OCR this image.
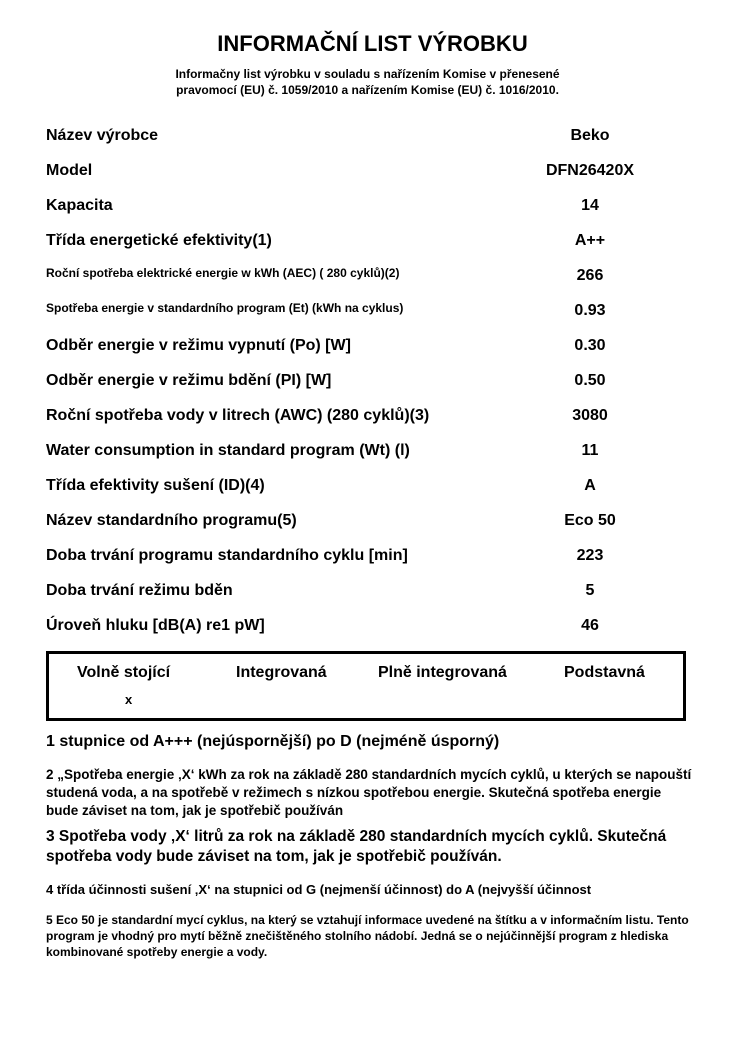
INFORMAČNÍ LIST VÝROBKU
Informačny list výrobku v souladu s nařízením Komise v přenesené
pravomocí (EU) č. 1059/2010 a nařízením Komise (EU) č. 1016/2010.
Název výrobce	Beko
Model	DFN26420X
Kapacita	14
Třída energetické efektivity(1)	A++
Roční spotřeba elektrické energie w kWh (AEC) ( 280 cyklů)(2)	266
Spotřeba energie v standardního program (Et) (kWh na cyklus)	0.93
Odběr energie v režimu vypnutí (Po) [W]	0.30
Odběr energie v režimu bdění (PI) [W]	0.50
Roční spotřeba vody v litrech (AWC) (280 cyklů)(3)	3080
Water consumption in standard program (Wt) (l)	11
Třída efektivity sušení (ID)(4)	A
Název standardního programu(5)	Eco 50
Doba trvání programu standardního cyklu [min]	223
Doba trvání režimu bděn	5
Úroveň hluku [dB(A) re1 pW]	46
Volně stojící	Integrovaná	Plně integrovaná	Podstavná
x
1 stupnice od A+++ (nejúspornější) po D (nejméně úsporný)
2 „Spotřeba energie ‚X‘ kWh za rok na základě 280 standardních mycích cyklů, u kterých se napouští studená voda, a na spotřebě v režimech s nízkou spotřebou energie. Skutečná spotřeba energie bude záviset na tom, jak je spotřebič používán
3 Spotřeba vody ‚X‘ litrů za rok na základě 280 standardních mycích cyklů. Skutečná spotřeba vody bude záviset na tom, jak je spotřebič používán.
4 třída účinnosti sušení ‚X‘ na stupnici od G (nejmenší účinnost) do A (nejvyšší účinnost
5 Eco 50 je standardní mycí cyklus, na který se vztahují informace uvedené na štítku a v informačním listu. Tento program je vhodný pro mytí běžně znečištěného stolního nádobí. Jedná se o nejúčinnější program z hlediska kombinované spotřeby energie a vody.
